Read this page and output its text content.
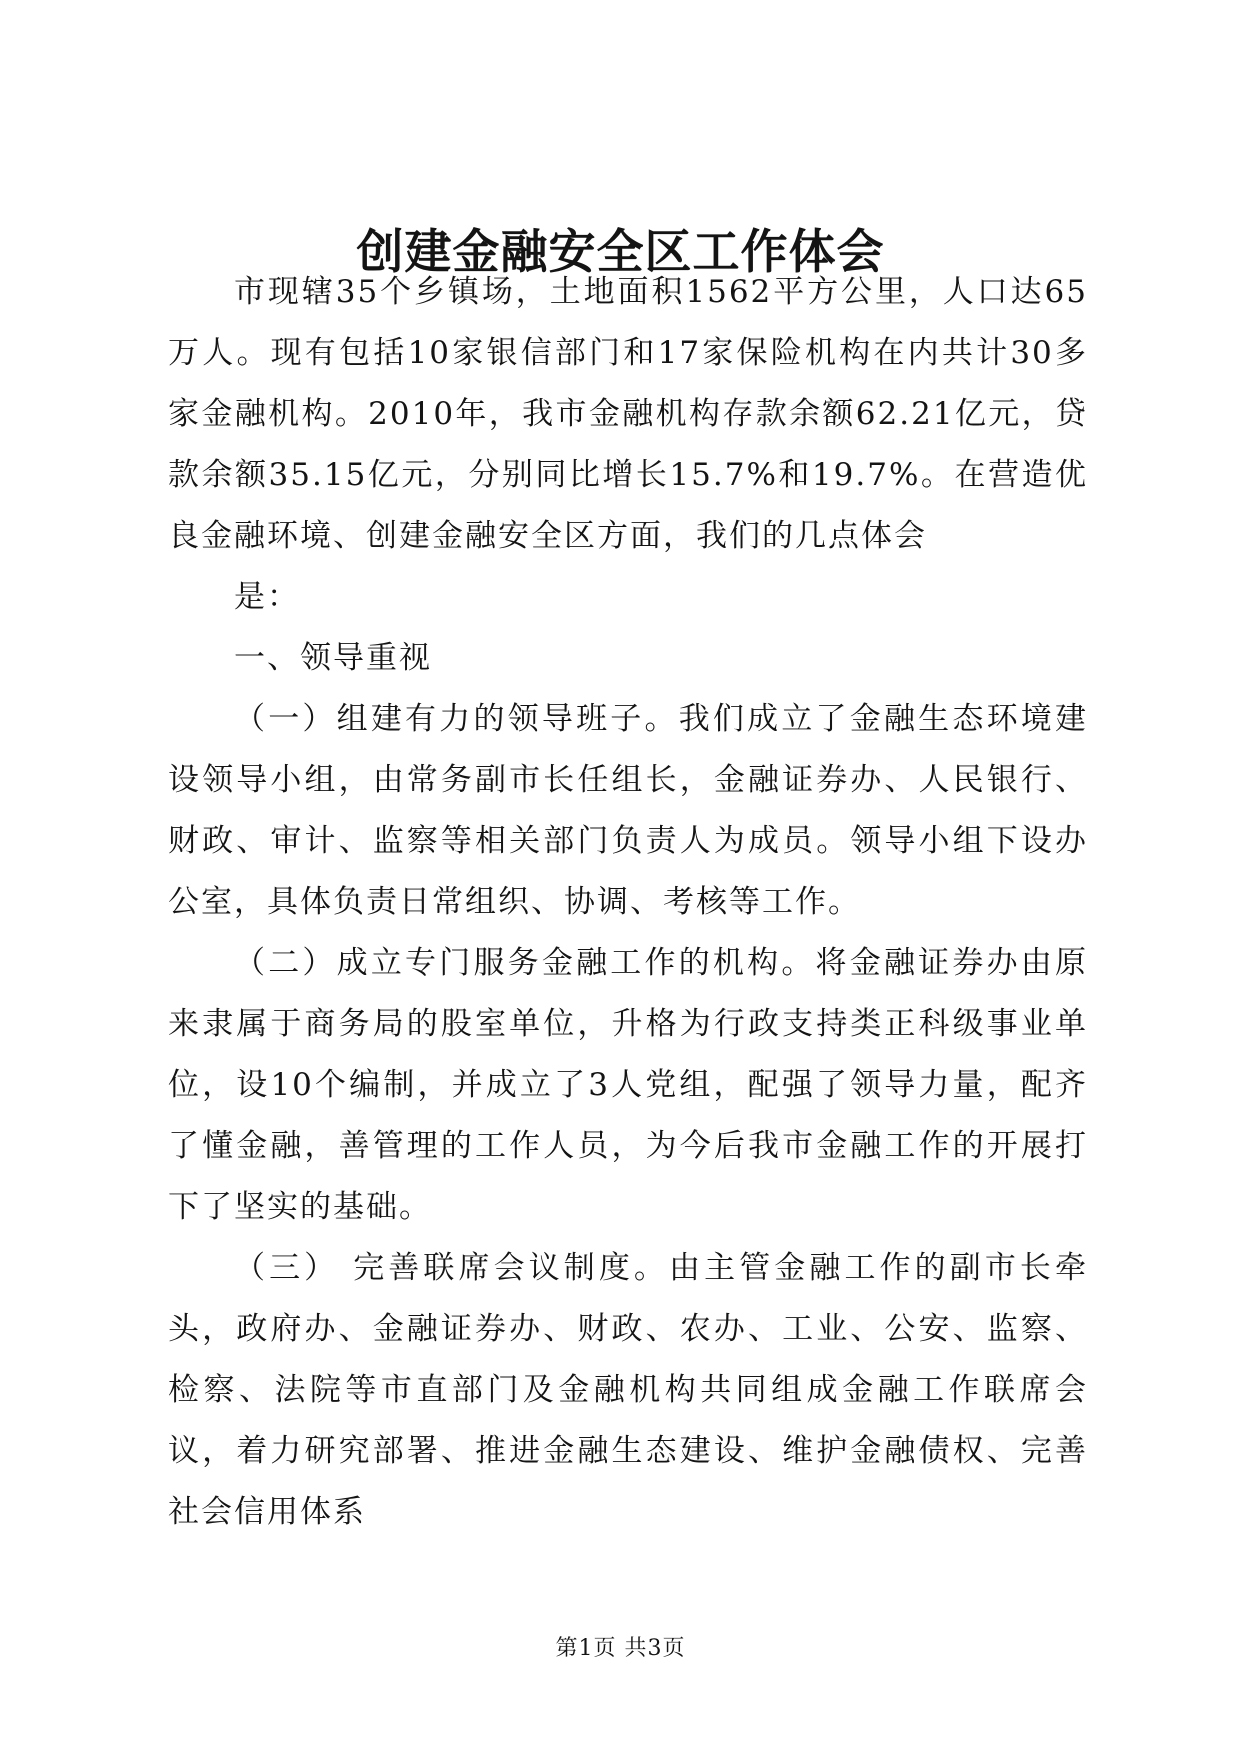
创建金融安全区工作体会

市现辖35个乡镇场，土地面积1562平方公里，人口达65万人。现有包括10家银信部门和17家保险机构在内共计30多家金融机构。2010年，我市金融机构存款余额62.21亿元，贷款余额35.15亿元，分别同比增长15.7%和19.7%。在营造优良金融环境、创建金融安全区方面，我们的几点体会

是：

一、领导重视

（一）组建有力的领导班子。我们成立了金融生态环境建设领导小组，由常务副市长任组长，金融证券办、人民银行、财政、审计、监察等相关部门负责人为成员。领导小组下设办公室，具体负责日常组织、协调、考核等工作。

（二）成立专门服务金融工作的机构。将金融证券办由原来隶属于商务局的股室单位，升格为行政支持类正科级事业单位，设10个编制，并成立了3人党组，配强了领导力量，配齐了懂金融，善管理的工作人员，为今后我市金融工作的开展打下了坚实的基础。

（三） 完善联席会议制度。由主管金融工作的副市长牵头，政府办、金融证券办、财政、农办、工业、公安、监察、检察、法院等市直部门及金融机构共同组成金融工作联席会议，着力研究部署、推进金融生态建设、维护金融债权、完善社会信用体系

第1页 共3页
